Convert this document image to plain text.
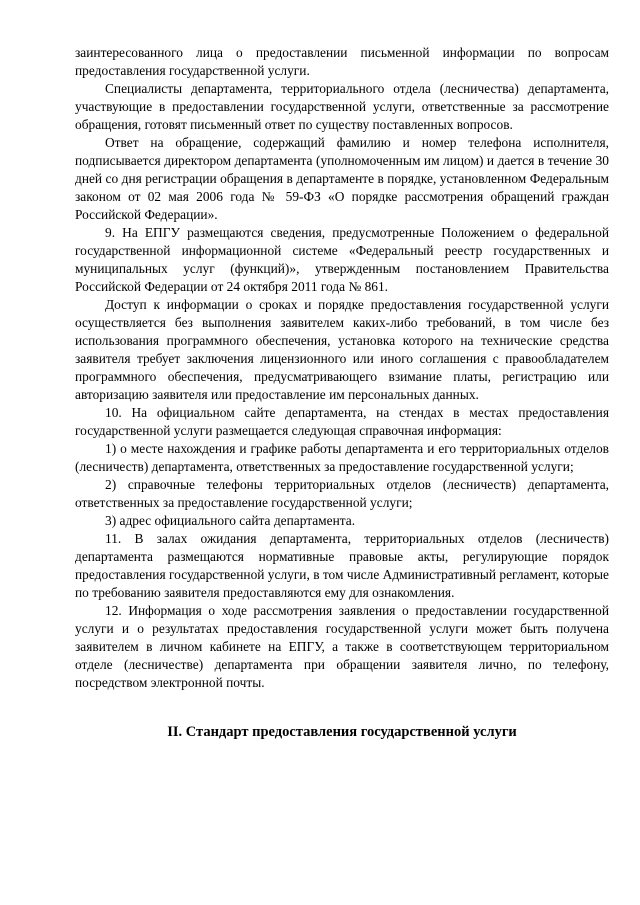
заинтересованного лица о предоставлении письменной информации по вопросам предоставления государственной услуги.

Специалисты департамента, территориального отдела (лесничества) департамента, участвующие в предоставлении государственной услуги, ответственные за рассмотрение обращения, готовят письменный ответ по существу поставленных вопросов.

Ответ на обращение, содержащий фамилию и номер телефона исполнителя, подписывается директором департамента (уполномоченным им лицом) и дается в течение 30 дней со дня регистрации обращения в департаменте в порядке, установленном Федеральным законом от 02 мая 2006 года № 59-ФЗ «О порядке рассмотрения обращений граждан Российской Федерации».

9. На ЕПГУ размещаются сведения, предусмотренные Положением о федеральной государственной информационной системе «Федеральный реестр государственных и муниципальных услуг (функций)», утвержденным постановлением Правительства Российской Федерации от 24 октября 2011 года № 861.

Доступ к информации о сроках и порядке предоставления государственной услуги осуществляется без выполнения заявителем каких-либо требований, в том числе без использования программного обеспечения, установка которого на технические средства заявителя требует заключения лицензионного или иного соглашения с правообладателем программного обеспечения, предусматривающего взимание платы, регистрацию или авторизацию заявителя или предоставление им персональных данных.

10. На официальном сайте департамента, на стендах в местах предоставления государственной услуги размещается следующая справочная информация:

1) о месте нахождения и графике работы департамента и его территориальных отделов (лесничеств) департамента, ответственных за предоставление государственной услуги;

2) справочные телефоны территориальных отделов (лесничеств) департамента, ответственных за предоставление государственной услуги;

3) адрес официального сайта департамента.

11. В залах ожидания департамента, территориальных отделов (лесничеств) департамента размещаются нормативные правовые акты, регулирующие порядок предоставления государственной услуги, в том числе Административный регламент, которые по требованию заявителя предоставляются ему для ознакомления.

12. Информация о ходе рассмотрения заявления о предоставлении государственной услуги и о результатах предоставления государственной услуги может быть получена заявителем в личном кабинете на ЕПГУ, а также в соответствующем территориальном отделе (лесничестве) департамента при обращении заявителя лично, по телефону, посредством электронной почты.

II. Стандарт предоставления государственной услуги
